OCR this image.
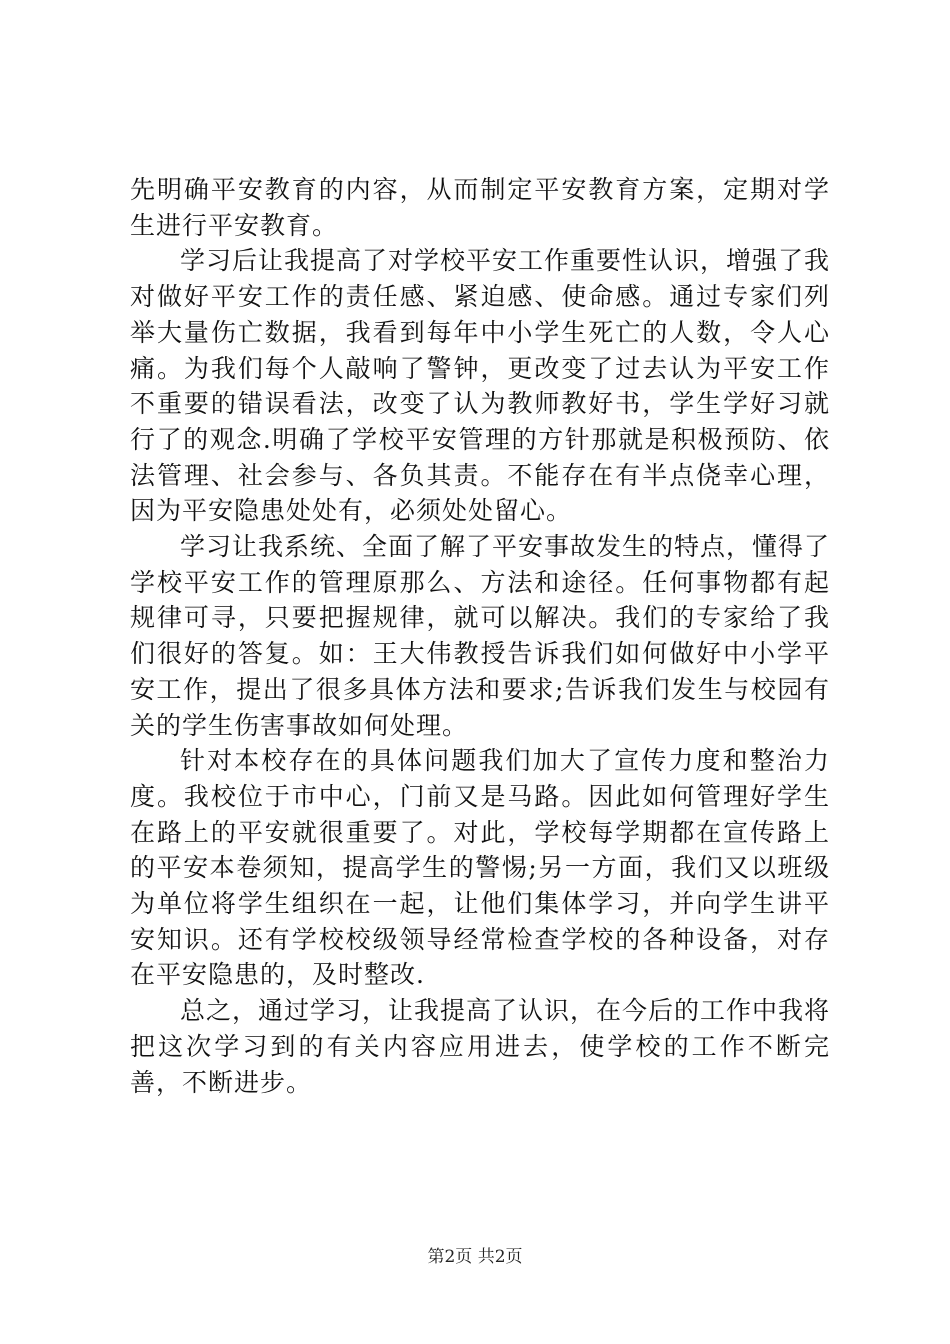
先明确平安教育的内容，从而制定平安教育方案，定期对学生进行平安教育。

学习后让我提高了对学校平安工作重要性认识，增强了我对做好平安工作的责任感、紧迫感、使命感。通过专家们列举大量伤亡数据，我看到每年中小学生死亡的人数，令人心痛。为我们每个人敲响了警钟，更改变了过去认为平安工作不重要的错误看法，改变了认为教师教好书，学生学好习就行了的观念.明确了学校平安管理的方针那就是积极预防、依法管理、社会参与、各负其责。不能存在有半点侥幸心理，因为平安隐患处处有，必须处处留心。

学习让我系统、全面了解了平安事故发生的特点，懂得了学校平安工作的管理原那么、方法和途径。任何事物都有起规律可寻，只要把握规律，就可以解决。我们的专家给了我们很好的答复。如：王大伟教授告诉我们如何做好中小学平安工作，提出了很多具体方法和要求;告诉我们发生与校园有关的学生伤害事故如何处理。

针对本校存在的具体问题我们加大了宣传力度和整治力度。我校位于市中心，门前又是马路。因此如何管理好学生在路上的平安就很重要了。对此，学校每学期都在宣传路上的平安本卷须知，提高学生的警惕;另一方面，我们又以班级为单位将学生组织在一起，让他们集体学习，并向学生讲平安知识。还有学校校级领导经常检查学校的各种设备，对存在平安隐患的，及时整改.

总之，通过学习，让我提高了认识，在今后的工作中我将把这次学习到的有关内容应用进去，使学校的工作不断完善，不断进步。

第2页 共2页
